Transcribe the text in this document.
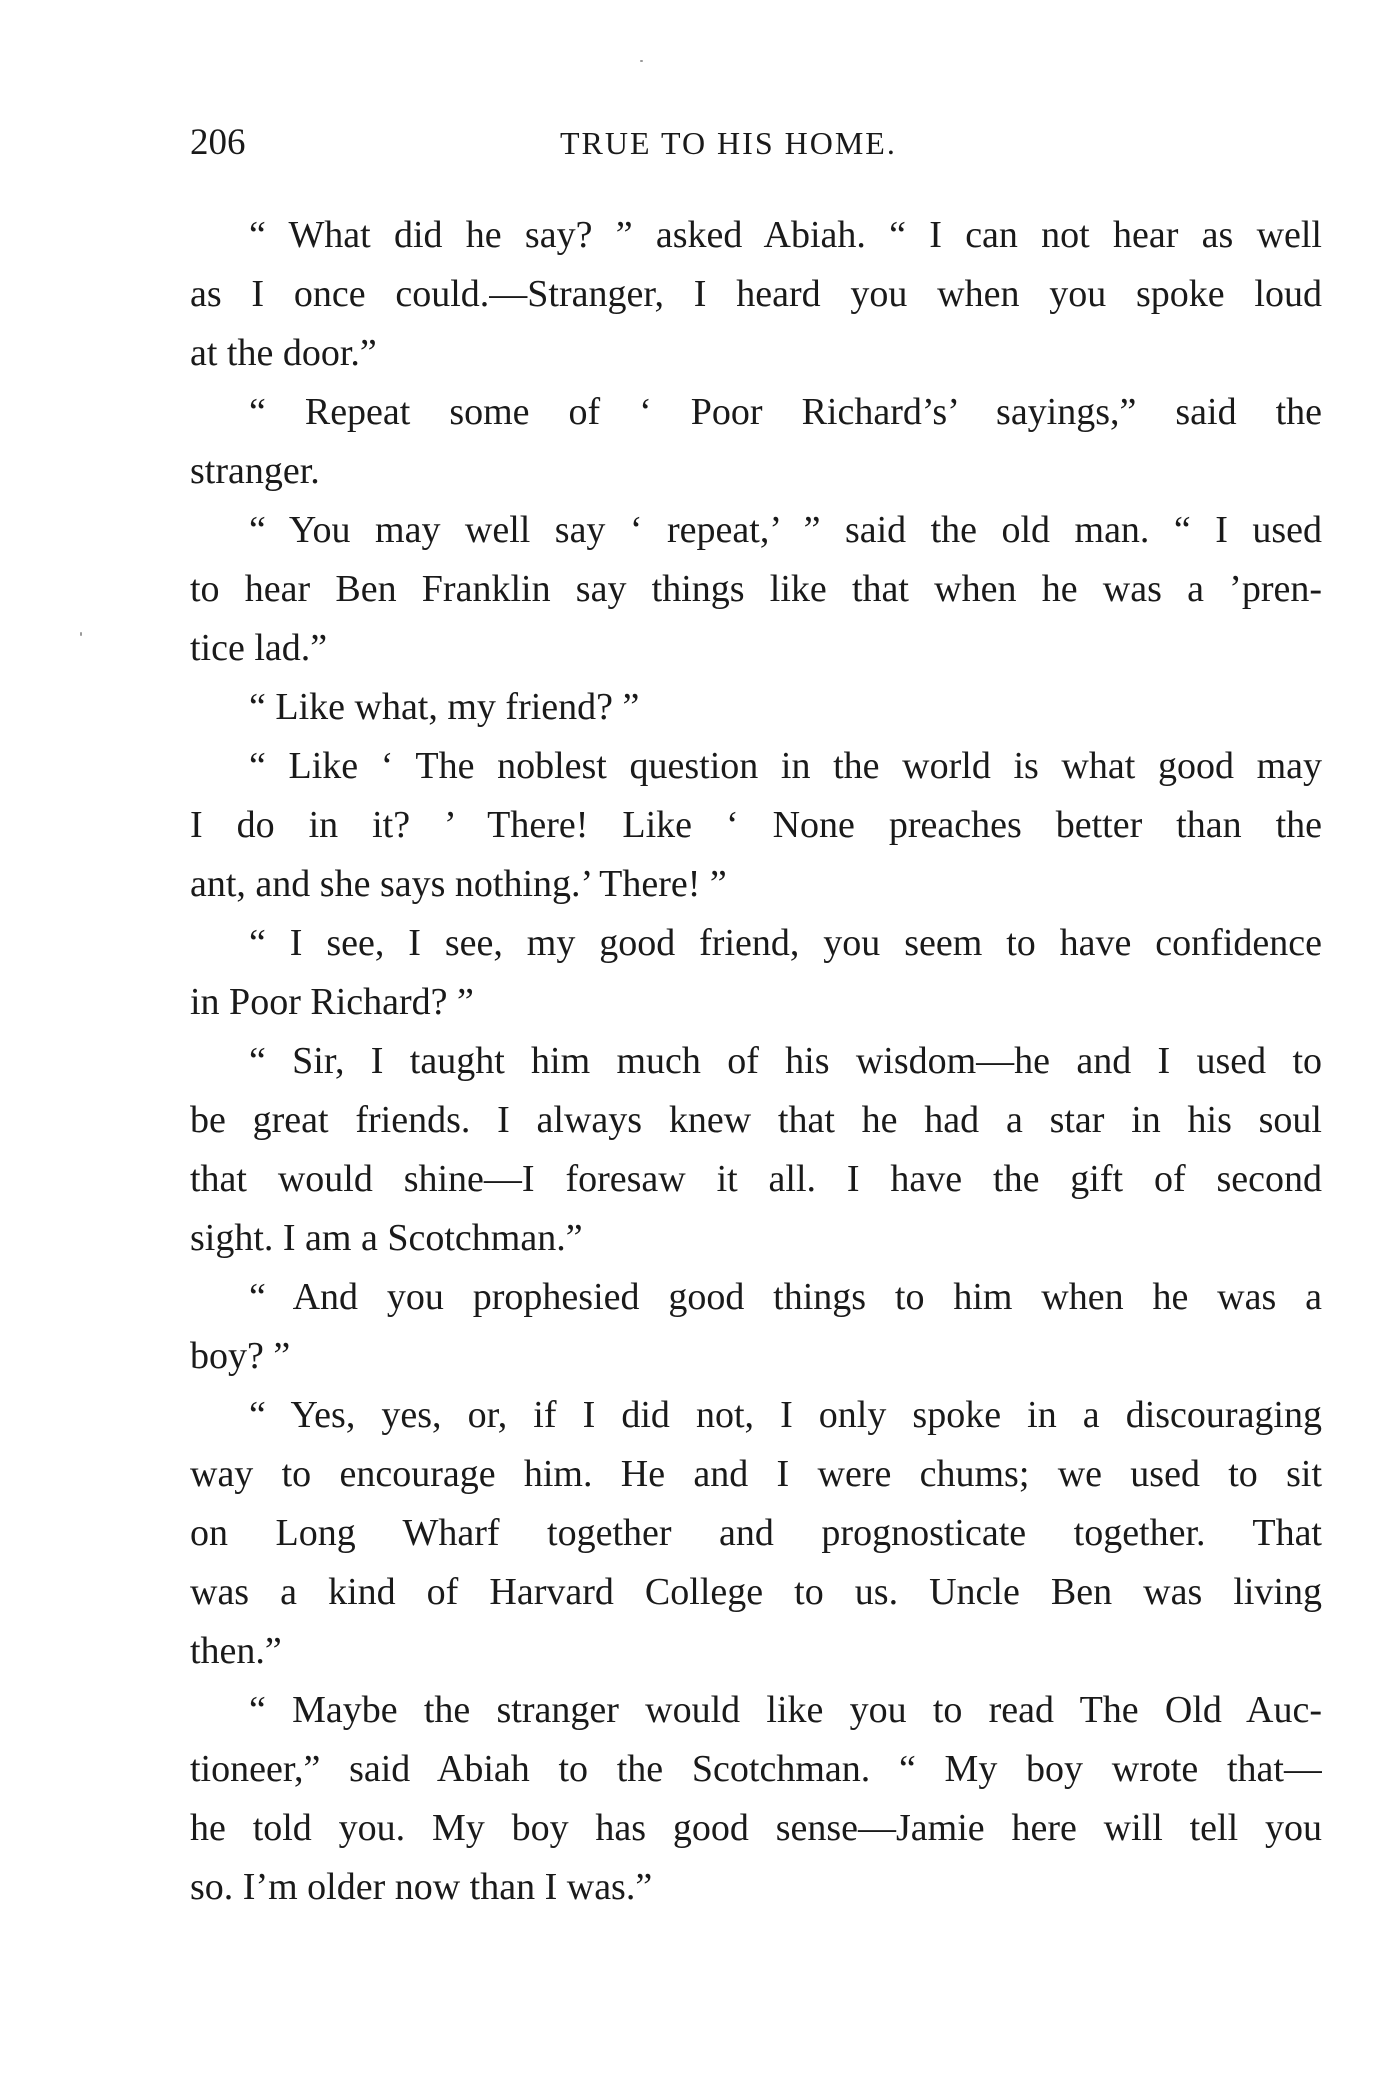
206	TRUE TO HIS HOME.
“ What did he say? ” asked Abiah. “ I can not hear as well
as I once could.—Stranger, I heard you when you spoke loud
at the door.”
“ Repeat some of ‘ Poor Richard’s’ sayings,” said the
stranger.
“ You may well say ‘ repeat,’ ” said the old man. “ I used
to hear Ben Franklin say things like that when he was a ’pren-
tice lad.”
“ Like what, my friend? ”
“ Like ‘ The noblest question in the world is what good may
I do in it? ’ There! Like ‘ None preaches better than the
ant, and she says nothing.’ There! ”
“ I see, I see, my good friend, you seem to have confidence
in Poor Richard? ”
“ Sir, I taught him much of his wisdom—he and I used to
be great friends. I always knew that he had a star in his soul
that would shine—I foresaw it all. I have the gift of second
sight. I am a Scotchman.”
“ And you prophesied good things to him when he was a
boy? ”
“ Yes, yes, or, if I did not, I only spoke in a discouraging
way to encourage him. He and I were chums; we used to sit
on Long Wharf together and prognosticate together. That
was a kind of Harvard College to us. Uncle Ben was living
then.”
“ Maybe the stranger would like you to read The Old Auc-
tioneer,” said Abiah to the Scotchman. “ My boy wrote that—
he told you. My boy has good sense—Jamie here will tell you
so. I’m older now than I was.”
